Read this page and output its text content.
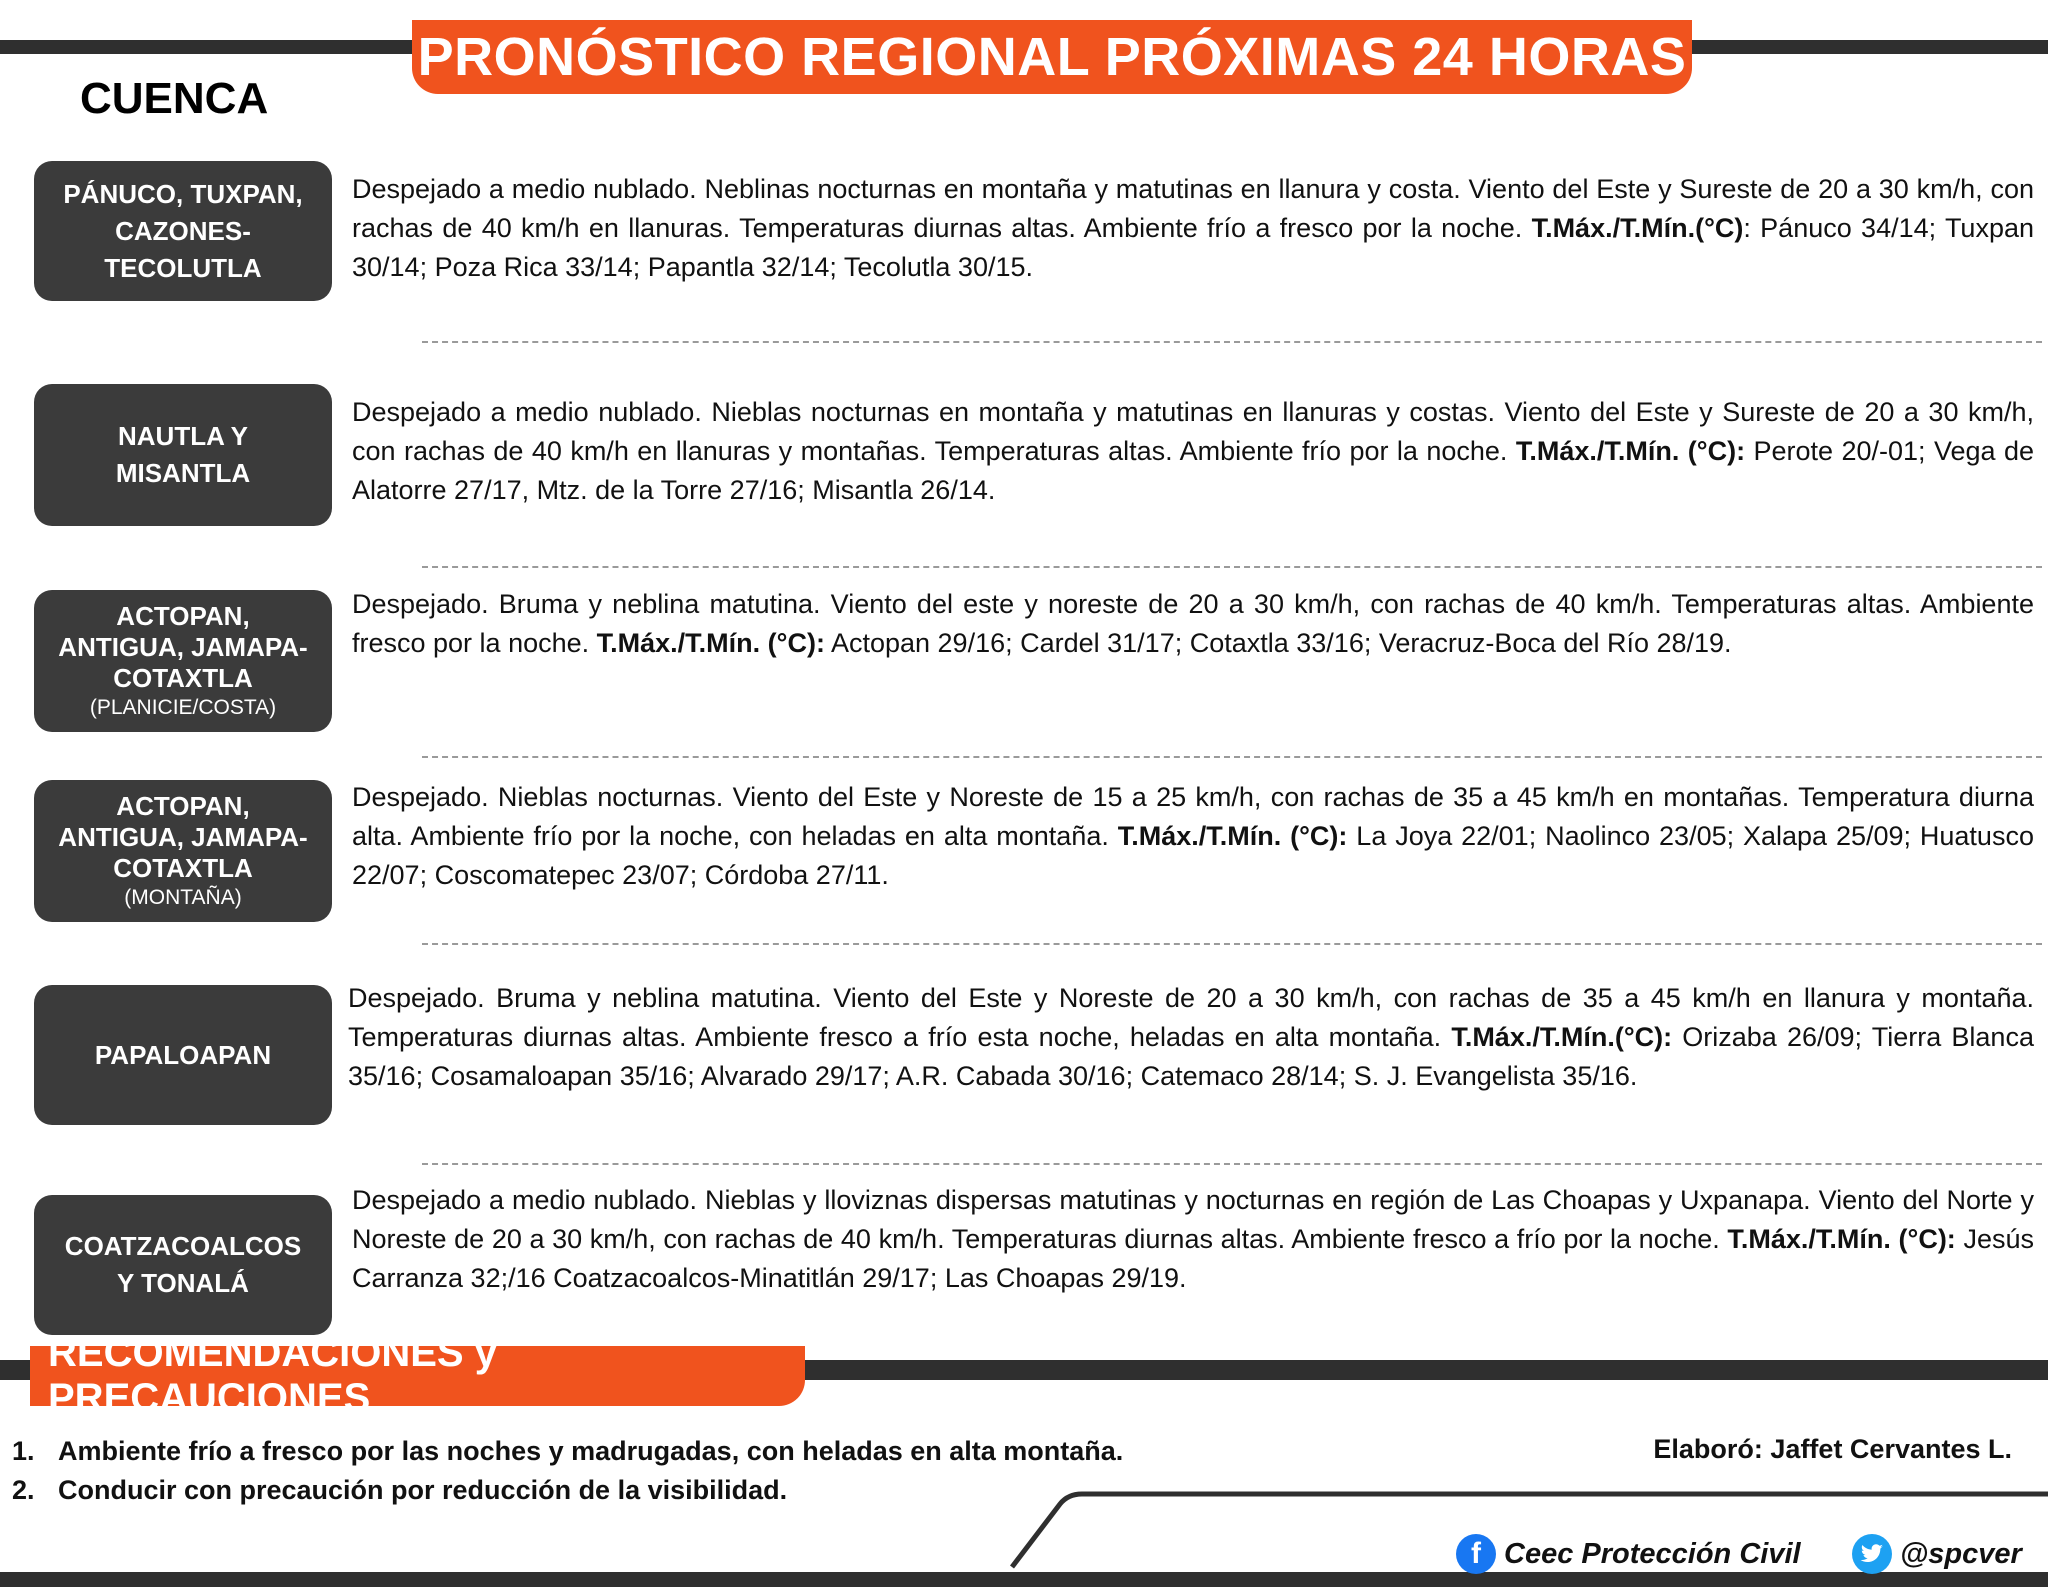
PRONÓSTICO REGIONAL PRÓXIMAS 24 HORAS
CUENCA
PÁNUCO, TUXPAN,
CAZONES-
TECOLUTLA
Despejado a medio nublado. Neblinas nocturnas en montaña y matutinas en llanura y costa. Viento del Este y Sureste de 20 a 30 km/h, con rachas de 40 km/h en llanuras. Temperaturas diurnas altas. Ambiente frío a fresco por la noche. T.Máx./T.Mín.(°C): Pánuco 34/14; Tuxpan 30/14; Poza Rica 33/14; Papantla 32/14; Tecolutla 30/15.
NAUTLA Y
MISANTLA
Despejado a medio nublado. Nieblas nocturnas en montaña y matutinas en llanuras y costas. Viento del Este y Sureste de 20 a 30 km/h, con rachas de 40 km/h en llanuras y montañas. Temperaturas altas. Ambiente frío por la noche. T.Máx./T.Mín. (°C): Perote 20/-01; Vega de Alatorre 27/17, Mtz. de la Torre 27/16; Misantla 26/14.
ACTOPAN,
ANTIGUA, JAMAPA-
COTAXTLA
(PLANICIE/COSTA)
Despejado. Bruma y neblina matutina. Viento del este y noreste de 20 a 30 km/h, con rachas de 40 km/h. Temperaturas altas. Ambiente fresco por la noche. T.Máx./T.Mín. (°C): Actopan 29/16; Cardel 31/17; Cotaxtla 33/16; Veracruz-Boca del Río 28/19.
ACTOPAN,
ANTIGUA, JAMAPA-
COTAXTLA
(MONTAÑA)
Despejado. Nieblas nocturnas. Viento del Este y Noreste de 15 a 25 km/h, con rachas de 35 a 45 km/h en montañas. Temperatura diurna alta. Ambiente frío por la noche, con heladas en alta montaña. T.Máx./T.Mín. (°C): La Joya 22/01; Naolinco 23/05; Xalapa 25/09; Huatusco 22/07; Coscomatepec 23/07; Córdoba 27/11.
PAPALOAPAN
Despejado. Bruma y neblina matutina. Viento del Este y Noreste de 20 a 30 km/h, con rachas de 35 a 45 km/h en llanura y montaña. Temperaturas diurnas altas. Ambiente fresco a frío esta noche, heladas en alta montaña. T.Máx./T.Mín.(°C): Orizaba 26/09; Tierra Blanca 35/16; Cosamaloapan 35/16; Alvarado 29/17; A.R. Cabada 30/16; Catemaco 28/14; S. J. Evangelista 35/16.
COATZACOALCOS
Y TONALÁ
Despejado a medio nublado. Nieblas y lloviznas dispersas matutinas y nocturnas en región de Las Choapas y Uxpanapa. Viento del Norte y Noreste de 20 a 30 km/h, con rachas de 40 km/h. Temperaturas diurnas altas. Ambiente fresco a frío por la noche. T.Máx./T.Mín. (°C): Jesús Carranza 32;/16 Coatzacoalcos-Minatitlán 29/17; Las Choapas 29/19.
RECOMENDACIONES y PRECAUCIONES
1. Ambiente frío a fresco por las noches y madrugadas, con heladas en alta montaña.
2. Conducir con precaución por reducción de la visibilidad.
Elaboró: Jaffet Cervantes L.
f Ceec Protección Civil	@spcver
